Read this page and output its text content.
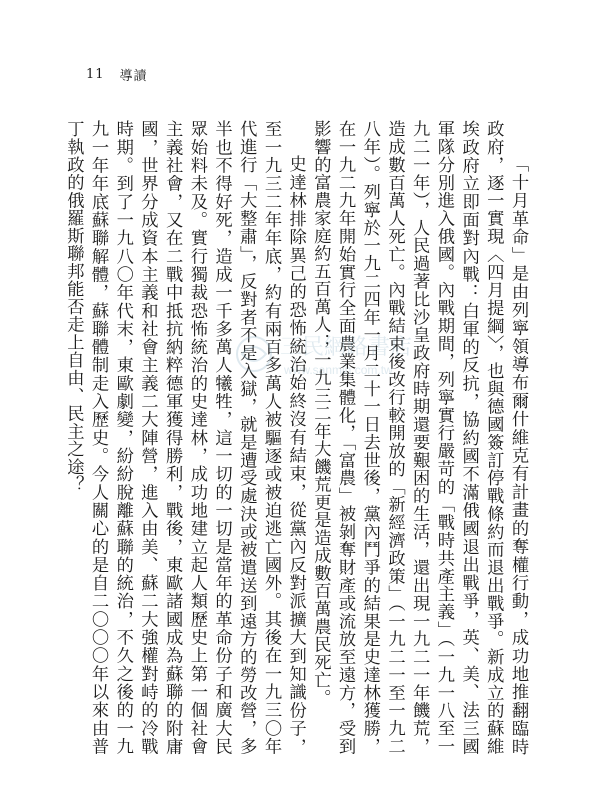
11 導讀

「十月革命」是由列寧領導布爾什維克有計畫的奪權行動，成功地推翻臨時政府，逐一實現〈四月提綱〉，也與德國簽訂停戰條約而退出戰爭。新成立的蘇維埃政府立即面對內戰：白軍的反抗，協約國不滿俄國退出戰爭，英、美、法三國軍隊分別進入俄國。內戰期間，列寧實行嚴苛的「戰時共產主義」（一九一八至一九二一年），人民過著比沙皇政府時期還要艱困的生活，還出現一九二一年饑荒，造成數百萬人死亡。內戰結束後改行較開放的「新經濟政策」（一九二一至一九二八年）。列寧於一九二四年一月二十一日去世後，黨內鬥爭的結果是史達林獲勝，在一九二九年開始實行全面農業集體化，「富農」被剝奪財產或流放至遠方，受到影響的富農家庭約五百萬人；一九三二年大饑荒更是造成數百萬農民死亡。

史達林排除異己的恐怖統治始終沒有結束，從黨內反對派擴大到知識份子，至一九三二年年底，約有兩百多萬人被驅逐或被迫逃亡國外。其後在一九三〇年代進行「大整肅」，反對者不是入獄，就是遭受處決或被遣送到遠方的勞改營，多半也不得好死，造成一千多萬人犧牲，這一切的一切是當年的革命份子和廣大民眾始料未及。實行獨裁恐怖統治的史達林，成功地建立起人類歷史上第一個社會主義社會，又在二戰中抵抗納粹德軍獲得勝利，戰後，東歐諸國成為蘇聯的附庸國，世界分成資本主義和社會主義二大陣營，進入由美、蘇二大強權對峙的冷戰時期。到了一九八〇年代末，東歐劇變，紛紛脫離蘇聯的統治，不久之後的一九九一年年底蘇聯解體，蘇聯體制走入歷史。今人關心的是自二〇〇〇年以來由普丁執政的俄羅斯聯邦能否走上自由、民主之途？	三民網路書店
www.sanmin.com.tw
